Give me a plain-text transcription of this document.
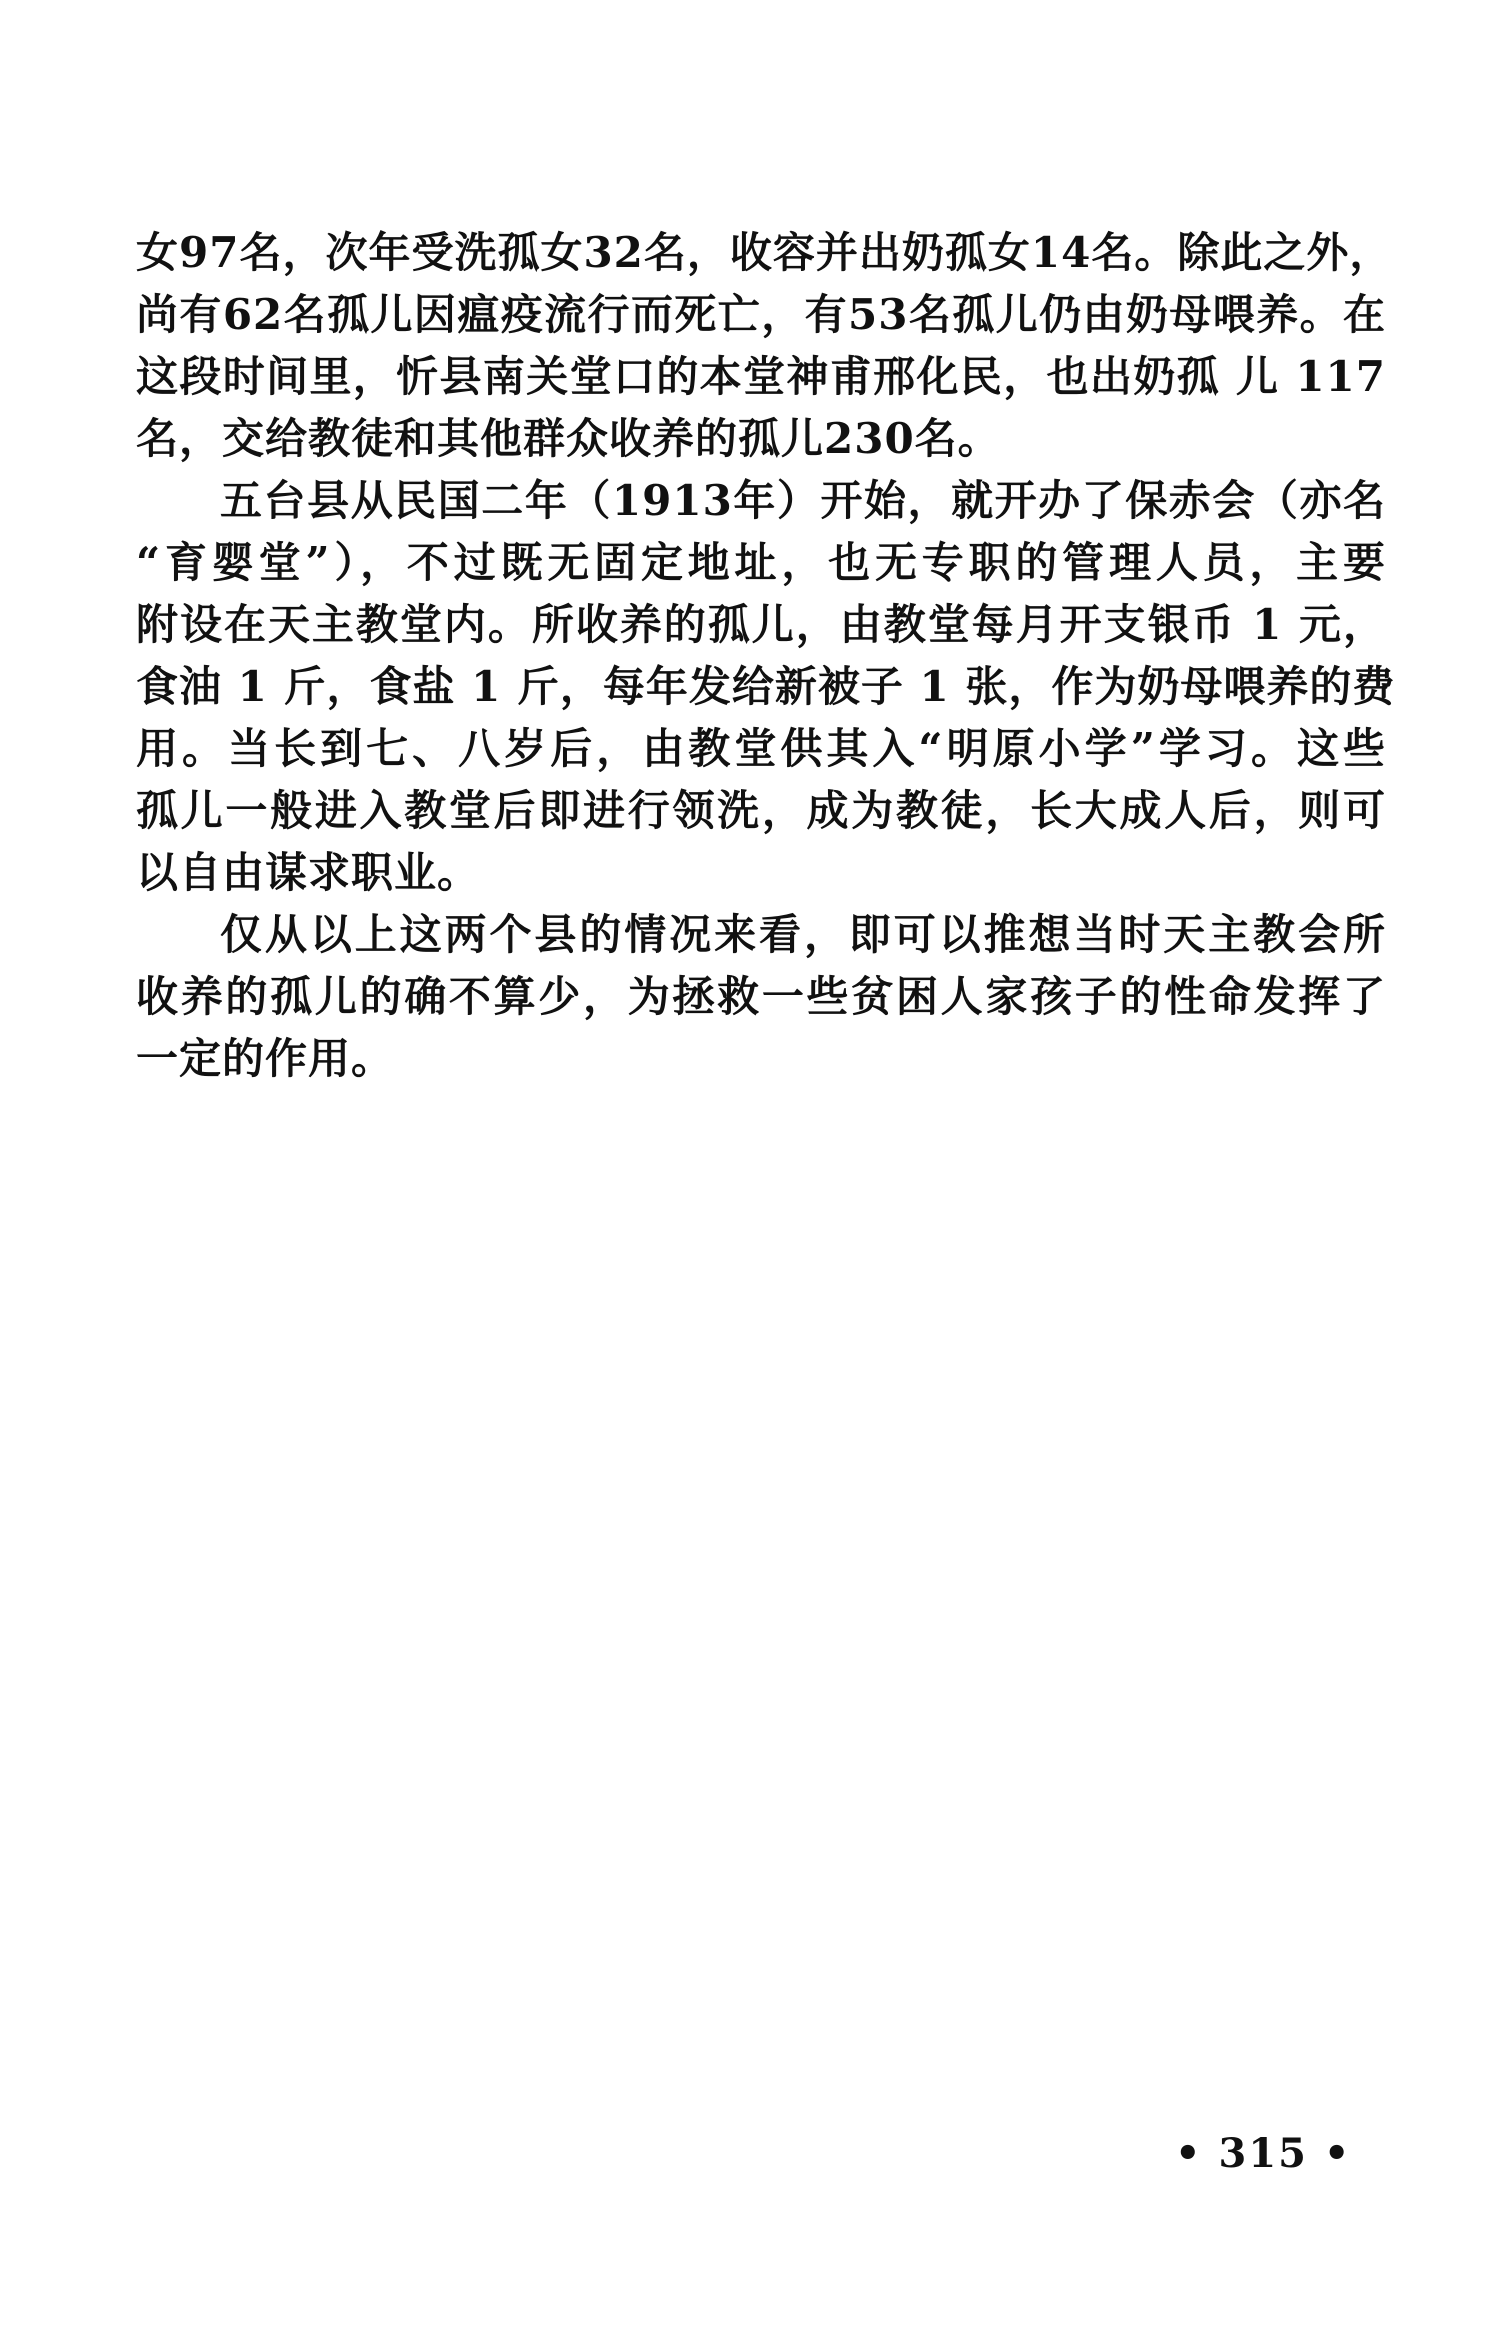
女97名，次年受洗孤女32名，收容并出奶孤女14名。除此之外，
尚有62名孤儿因瘟疫流行而死亡，有53名孤儿仍由奶母喂养。在
这段时间里，忻县南关堂口的本堂神甫邢化民，也出奶孤 儿 117
名，交给教徒和其他群众收养的孤儿230名。
五台县从民国二年（1913年）开始，就开办了保赤会（亦名
“育婴堂”），不过既无固定地址，也无专职的管理人员，主要
附设在天主教堂内。所收养的孤儿，由教堂每月开支银币 1 元，
食油 1 斤，食盐 1 斤，每年发给新被子 1 张，作为奶母喂养的费
用。当长到七、八岁后，由教堂供其入“明原小学”学习。这些
孤儿一般进入教堂后即进行领洗，成为教徒，长大成人后，则可
以自由谋求职业。
仅从以上这两个县的情况来看，即可以推想当时天主教会所
收养的孤儿的确不算少，为拯救一些贫困人家孩子的性命发挥了
一定的作用。
• 315 •
